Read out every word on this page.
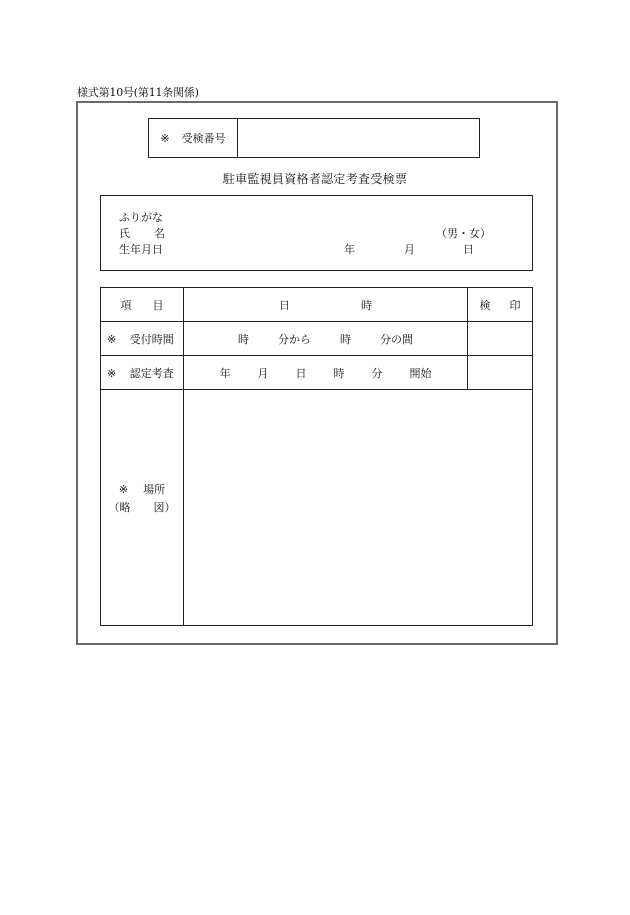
様式第10号(第11条関係)
※ 受検番号
駐車監視員資格者認定考査受検票
ふりがな
氏 名	（男・女）
生年月日	年	月	日
項 目	日 時	検 印
※ 受付時間	時 分から 時 分の間	
※ 認定考査	年 月 日 時 分 開始	

※ 場所
（略 図）		
